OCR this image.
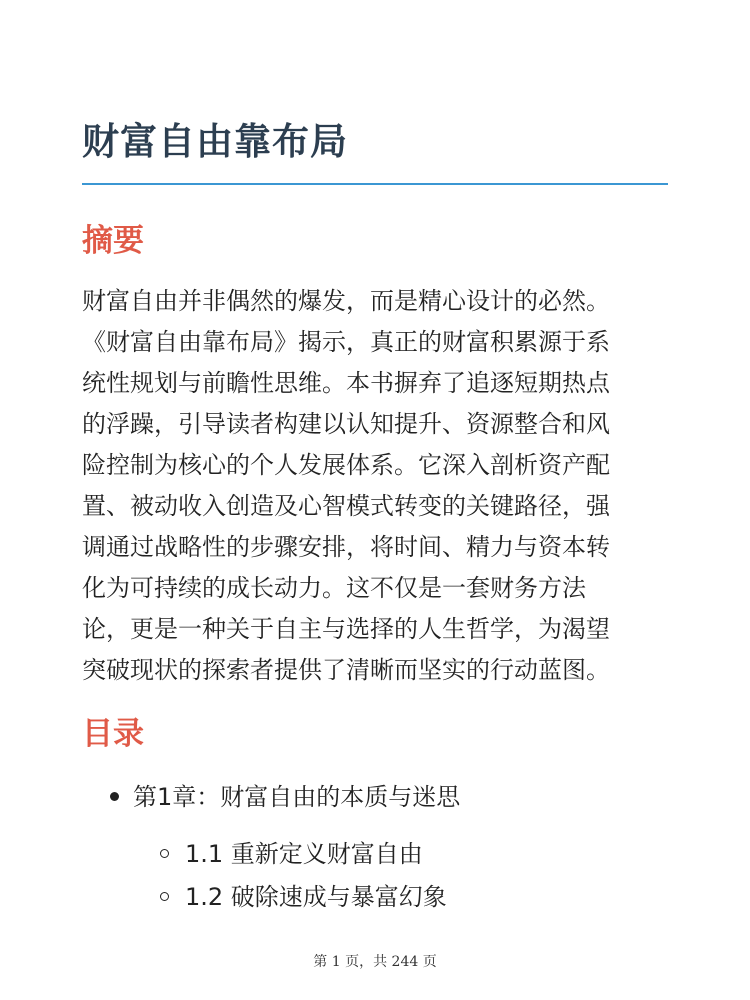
财富自由靠布局
摘要
财富自由并非偶然的爆发，而是精心设计的必然。
《财富自由靠布局》揭示，真正的财富积累源于系
统性规划与前瞻性思维。本书摒弃了追逐短期热点
的浮躁，引导读者构建以认知提升、资源整合和风
险控制为核心的个人发展体系。它深入剖析资产配
置、被动收入创造及心智模式转变的关键路径，强
调通过战略性的步骤安排，将时间、精力与资本转
化为可持续的成长动力。这不仅是一套财务方法
论，更是一种关于自主与选择的人生哲学，为渴望
突破现状的探索者提供了清晰而坚实的行动蓝图。
目录
第1章：财富自由的本质与迷思
1.1 重新定义财富自由
1.2 破除速成与暴富幻象
第 1 页，共 244 页
